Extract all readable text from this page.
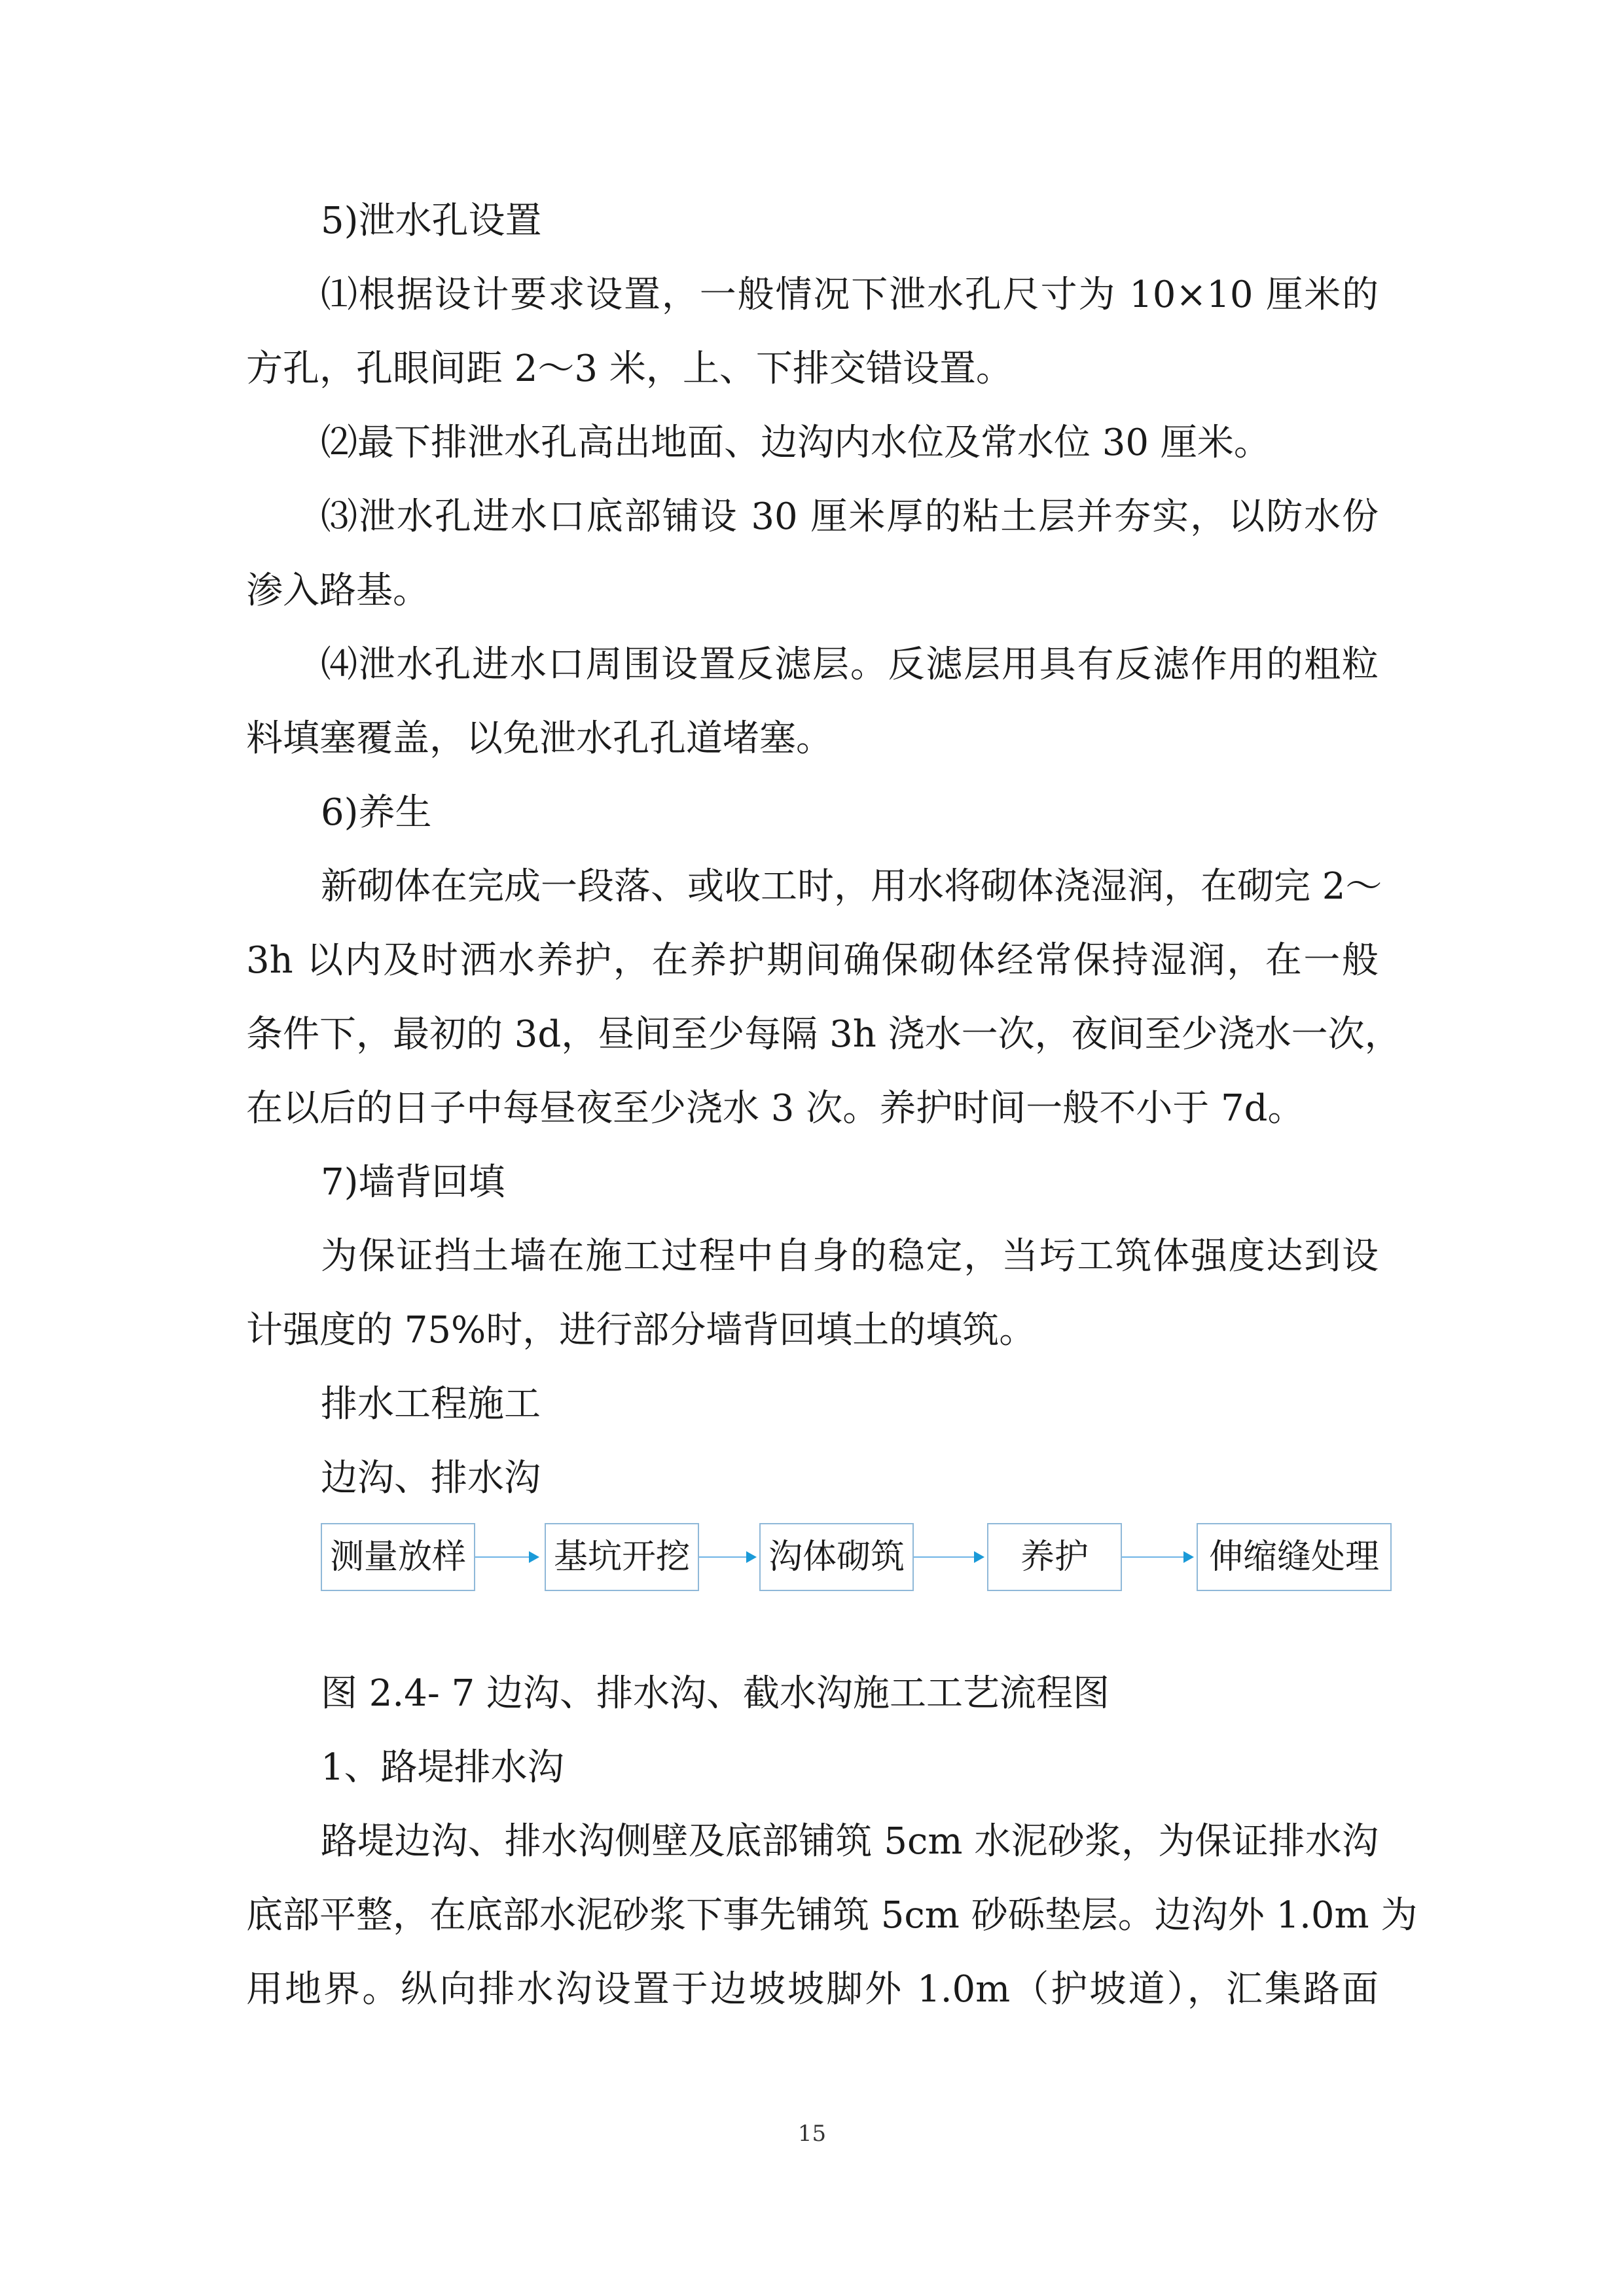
5)泄水孔设置

⑴根据设计要求设置，一般情况下泄水孔尺寸为 10×10 厘米的

方孔，孔眼间距 2～3 米，上、下排交错设置。

⑵最下排泄水孔高出地面、边沟内水位及常水位 30 厘米。

⑶泄水孔进水口底部铺设 30 厘米厚的粘土层并夯实，以防水份

渗入路基。

⑷泄水孔进水口周围设置反滤层。反滤层用具有反滤作用的粗粒

料填塞覆盖，以免泄水孔孔道堵塞。

6)养生

新砌体在完成一段落、或收工时，用水将砌体浇湿润，在砌完 2～

3h 以内及时洒水养护，在养护期间确保砌体经常保持湿润，在一般

条件下，最初的 3d，昼间至少每隔 3h 浇水一次，夜间至少浇水一次，

在以后的日子中每昼夜至少浇水 3 次。养护时间一般不小于 7d。

7)墙背回填

为保证挡土墙在施工过程中自身的稳定，当圬工筑体强度达到设

计强度的 75%时，进行部分墙背回填土的填筑。

排水工程施工

边沟、排水沟

测量放样	基坑开挖 沟体砌筑	养护	伸缩缝处理

图 2.4- 7 边沟、排水沟、截水沟施工工艺流程图

1、路堤排水沟

路堤边沟、排水沟侧壁及底部铺筑 5cm 水泥砂浆，为保证排水沟

底部平整，在底部水泥砂浆下事先铺筑 5cm 砂砾垫层。边沟外 1.0m 为

用地界。纵向排水沟设置于边坡坡脚外 1.0m（护坡道），汇集路面

15
